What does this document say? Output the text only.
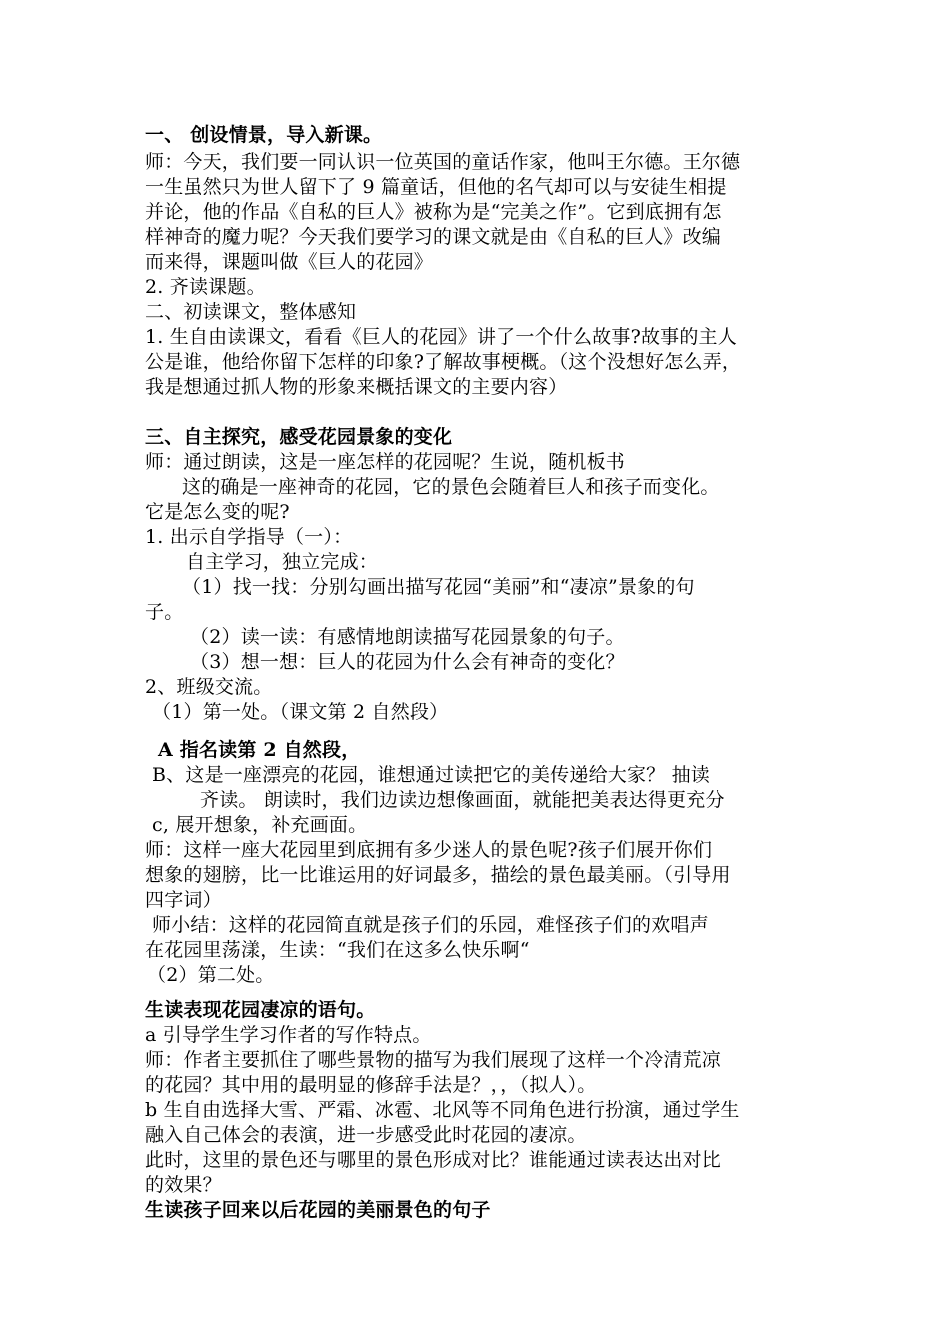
一、 创设情景，导入新课。
师：今天，我们要一同认识一位英国的童话作家，他叫王尔德。王尔德
一生虽然只为世人留下了 9 篇童话，但他的名气却可以与安徒生相提
并论，他的作品《自私的巨人》被称为是“完美之作”。它到底拥有怎
样神奇的魔力呢？今天我们要学习的课文就是由《自私的巨人》改编
而来得，课题叫做《巨人的花园》
2. 齐读课题。
二、初读课文，整体感知
1. 生自由读课文，看看《巨人的花园》讲了一个什么故事?故事的主人
公是谁，他给你留下怎样的印象?了解故事梗概。（这个没想好怎么弄，
我是想通过抓人物的形象来概括课文的主要内容）
三、自主探究，感受花园景象的变化
师：通过朗读，这是一座怎样的花园呢？生说，随机板书
这的确是一座神奇的花园，它的景色会随着巨人和孩子而变化。
它是怎么变的呢?
1. 出示自学指导（一）：
自主学习，独立完成：
（1）找一找：分别勾画出描写花园“美丽”和“凄凉”景象的句
子。
（2）读一读：有感情地朗读描写花园景象的句子。
（3）想一想：巨人的花园为什么会有神奇的变化？
2、班级交流。
（1）第一处。（课文第 2 自然段）
A 指名读第 2 自然段，
B、这是一座漂亮的花园，谁想通过读把它的美传递给大家？ 抽读
齐读。 朗读时，我们边读边想像画面，就能把美表达得更充分
c, 展开想象，补充画面。
师：这样一座大花园里到底拥有多少迷人的景色呢?孩子们展开你们
想象的翅膀，比一比谁运用的好词最多，描绘的景色最美丽。（引导用
四字词）
师小结：这样的花园简直就是孩子们的乐园，难怪孩子们的欢唱声
在花园里荡漾，生读：“我们在这多么快乐啊“
（2）第二处。
生读表现花园凄凉的语句。
a 引导学生学习作者的写作特点。
师：作者主要抓住了哪些景物的描写为我们展现了这样一个冷清荒凉
的花园？其中用的最明显的修辞手法是？，，（拟人）。
b 生自由选择大雪、严霜、冰雹、北风等不同角色进行扮演，通过学生
融入自己体会的表演，进一步感受此时花园的凄凉。
此时，这里的景色还与哪里的景色形成对比？谁能通过读表达出对比
的效果？
生读孩子回来以后花园的美丽景色的句子
